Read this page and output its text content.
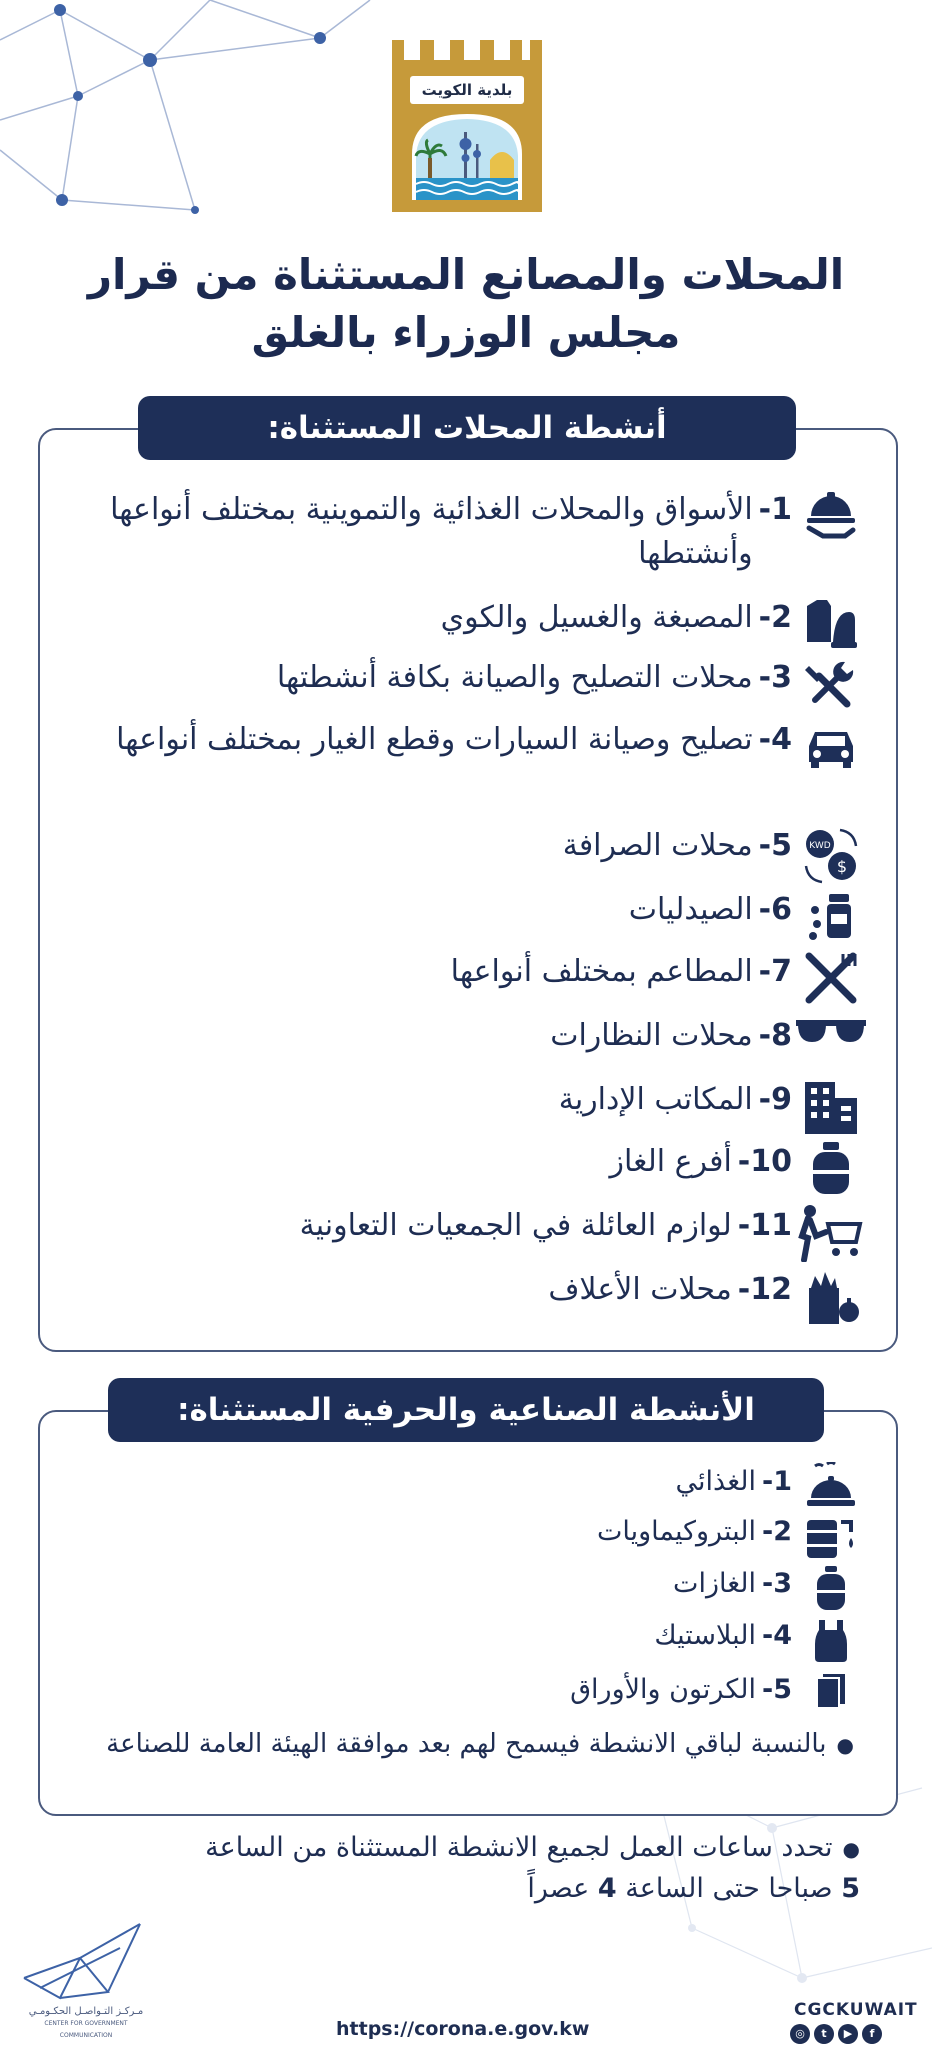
بلدية الكويت
المحلات والمصانع المستثناة من قرار
مجلس الوزراء بالغلق
أنشطة المحلات المستثناة:
1-
الأسواق والمحلات الغذائية والتموينية بمختلف أنواعها وأنشتطها
2-
المصبغة والغسيل والكوي
3-
محلات التصليح والصيانة بكافة أنشطتها
4-
تصليح وصيانة السيارات وقطع الغيار بمختلف أنواعها
KWD
$
5-
محلات الصرافة
6-
الصيدليات
7-
المطاعم بمختلف أنواعها
8-
محلات النظارات
9-
المكاتب الإدارية
10-
أفرع الغاز
11-
لوازم العائلة في الجمعيات التعاونية
12-
محلات الأعلاف
الأنشطة الصناعية والحرفية المستثناة:
1-
الغذائي
2-
البتروكيماويات
3-
الغازات
4-
البلاستيك
5-
الكرتون والأوراق
●بالنسبة لباقي الانشطة فيسمح لهم بعد موافقة الهيئة العامة للصناعة
●تحدد ساعات العمل لجميع الانشطة المستثناة من الساعة
5 صباحا حتى الساعة 4 عصراً
مـركـز التـواصـل الحكـومـي
CENTER FOR GOVERNMENT COMMUNICATION	https://corona.e.gov.kw
CGCKUWAIT
◎	t	▶	f
